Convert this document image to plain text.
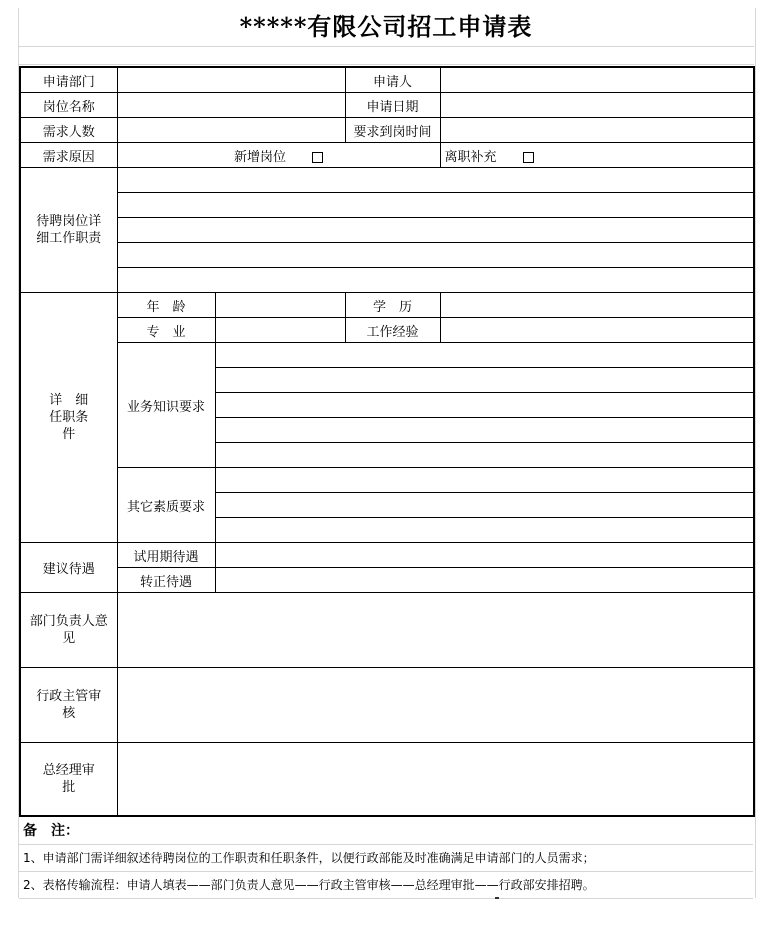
*****有限公司招工申请表
申请部门			申请人	
岗位名称			申请日期	
需求人数			要求到岗时间	
需求原因	新增岗位			离职补充
待聘岗位详细工作职责				

详　细 任职条件	年　龄		学　历	
	专　业		工作经验	
	业务知识要求			

	其它素质要求			

建议待遇	试用期待遇			
	转正待遇			
部门负责人意　见				
行政主管审　核				
总经理审　批				
备　注：
1、申请部门需详细叙述待聘岗位的工作职责和任职条件，以便行政部能及时准确满足申请部门的人员需求；
2、表格传输流程：申请人填表——部门负责人意见——行政主管审核——总经理审批——行政部安排招聘。
